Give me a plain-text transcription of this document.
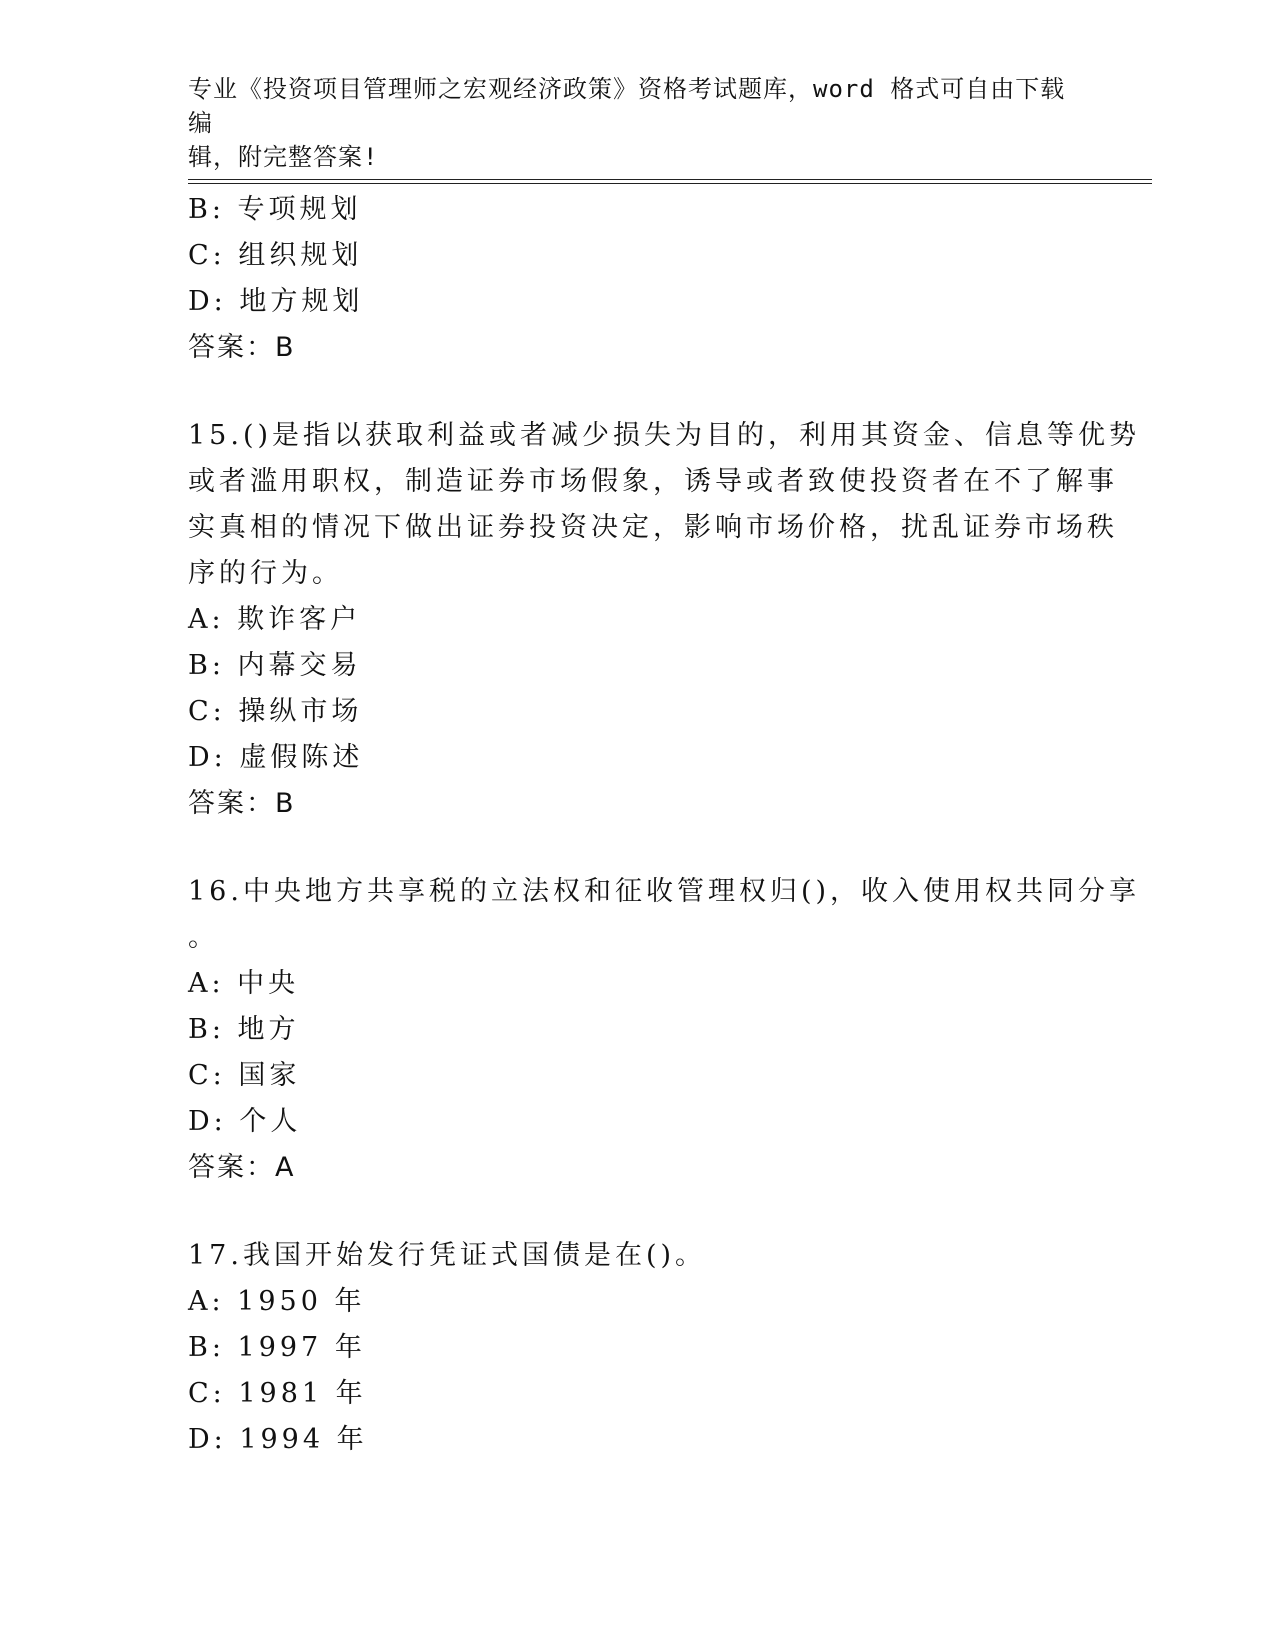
专业《投资项目管理师之宏观经济政策》资格考试题库，word 格式可自由下载编
辑，附完整答案!
B: 专项规划
C: 组织规划
D: 地方规划
答案：B
15.()是指以获取利益或者减少损失为目的，利用其资金、信息等优势
或者滥用职权，制造证券市场假象，诱导或者致使投资者在不了解事
实真相的情况下做出证券投资决定，影响市场价格，扰乱证券市场秩
序的行为。
A: 欺诈客户
B: 内幕交易
C: 操纵市场
D: 虚假陈述
答案：B
16.中央地方共享税的立法权和征收管理权归()，收入使用权共同分享
。
A: 中央
B: 地方
C: 国家
D: 个人
答案：A
17.我国开始发行凭证式国债是在()。
A: 1950 年
B: 1997 年
C: 1981 年
D: 1994 年
